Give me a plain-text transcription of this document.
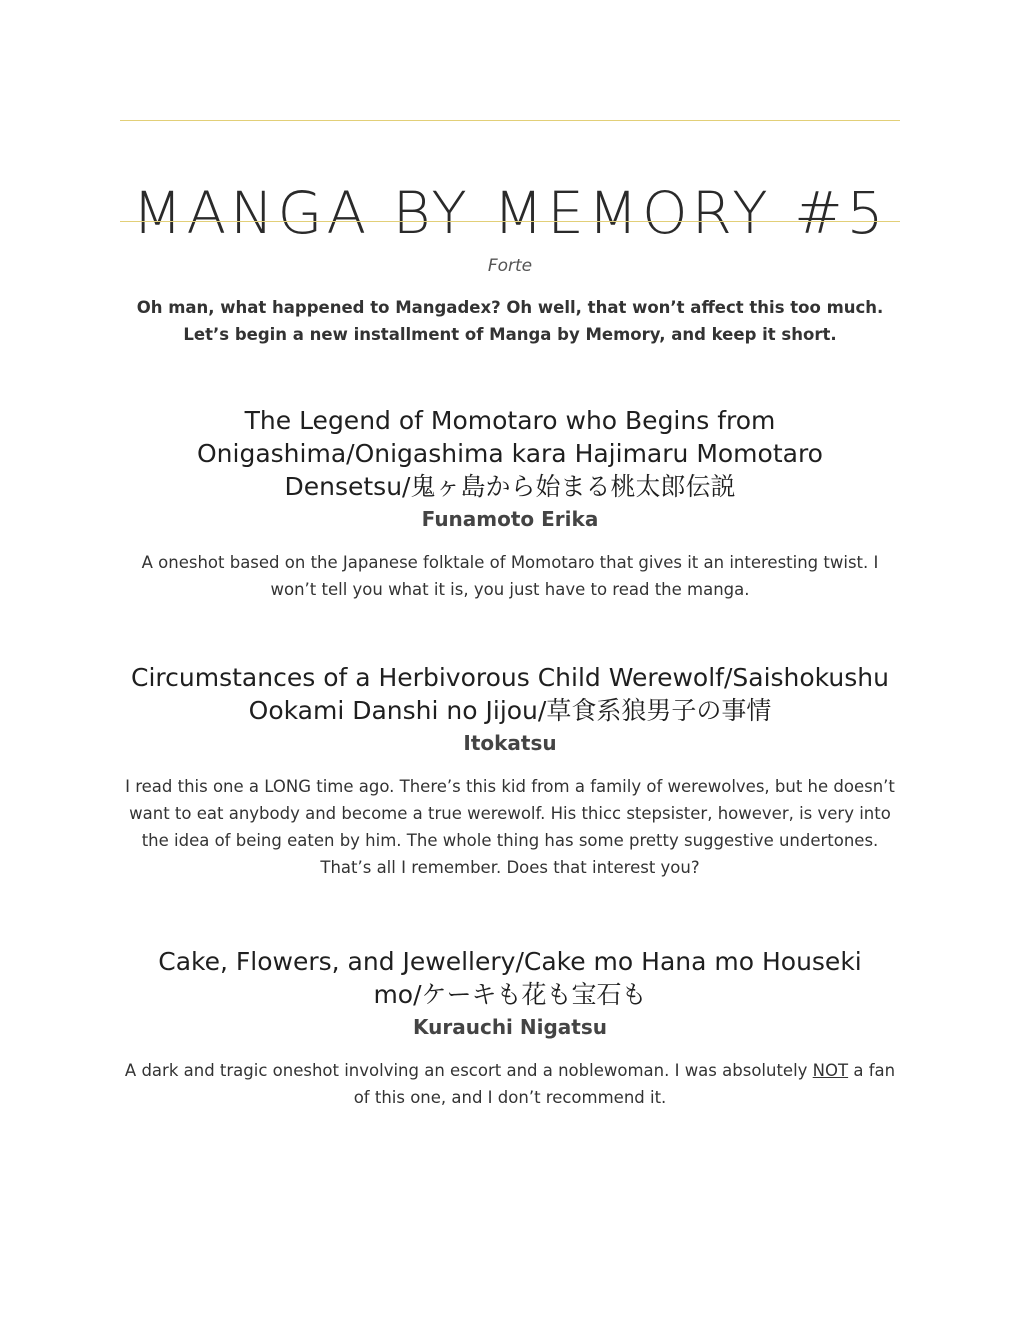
MANGA BY MEMORY #5
Forte
Oh man, what happened to Mangadex? Oh well, that won’t affect this too much. Let’s begin a new installment of Manga by Memory, and keep it short.
The Legend of Momotaro who Begins from
Onigashima/Onigashima kara Hajimaru Momotaro
Densetsu/鬼ヶ島から始まる桃太郎伝説
Funamoto Erika
A oneshot based on the Japanese folktale of Momotaro that gives it an interesting twist. I won’t tell you what it is, you just have to read the manga.
Circumstances of a Herbivorous Child Werewolf/Saishokushu
Ookami Danshi no Jijou/草食系狼男子の事情
Itokatsu
I read this one a LONG time ago. There’s this kid from a family of werewolves, but he doesn’t want to eat anybody and become a true werewolf. His thicc stepsister, however, is very into the idea of being eaten by him. The whole thing has some pretty suggestive undertones. That’s all I remember. Does that interest you?
Cake, Flowers, and Jewellery/Cake mo Hana mo Houseki
mo/ケーキも花も宝石も
Kurauchi Nigatsu
A dark and tragic oneshot involving an escort and a noblewoman. I was absolutely NOT a fan of this one, and I don’t recommend it.
